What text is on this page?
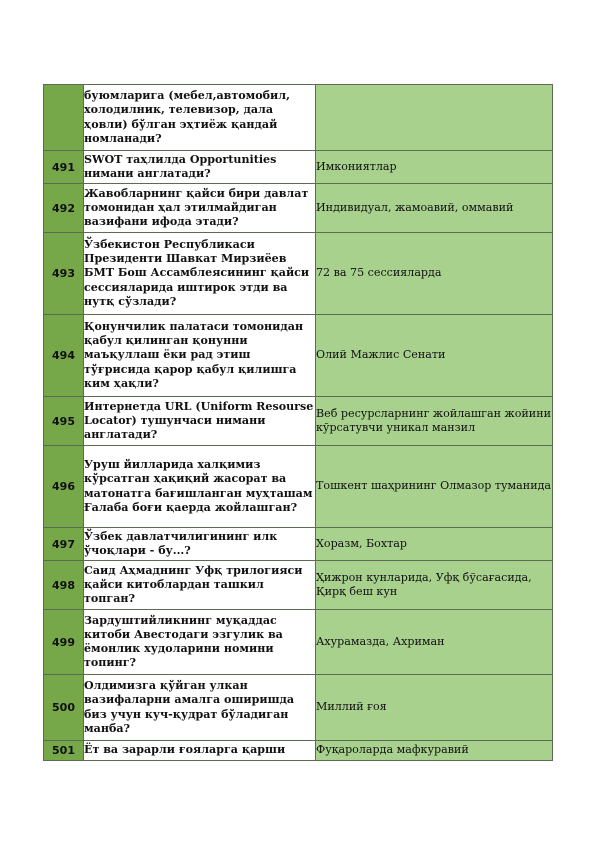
	буюмларига (мебел,автомобил, холодилник, телевизор, дала ҳовли) бўлган эҳтиёж қандай номланади?	
491	SWOT таҳлилда Opportunities нимани англатади?	Имкониятлар
492	Жавобларнинг қайси бири давлат томонидан ҳал этилмайдиган вазифани ифода этади?	Индивидуал, жамоавий, оммавий
493	Ўзбекистон Республикаси Президенти Шавкат Мирзиёев БМТ Бош Ассамблеясининг қайси сессияларида иштирок этди ва нутқ сўзлади?	72 ва 75 сессияларда
494	Қонунчилик палатаси томонидан қабул қилинган қонунни маъқуллаш ёки рад этиш тўғрисида қарор қабул қилишга ким ҳақли?	Олий Мажлис Сенати
495	Интернетда URL (Uniform Resourse Locator) тушунчаси нимани англатади?	Веб ресурсларнинг жойлашган жойини кўрсатувчи уникал манзил
496	Уруш йилларида халқимиз кўрсатган ҳақиқий жасорат ва матонатга бағишланган муҳташам Ғалаба боғи қаерда жойлашган?	Тошкент шаҳрининг Олмазор туманида
497	Ўзбек давлатчилигининг илк ўчоқлари - бу...?	Хоразм, Бохтар
498	Саид Аҳмаднинг Уфқ трилогияси қайси китоблардан ташкил топган?	Ҳижрон кунларида, Уфқ бўсағасида, Қирқ беш кун
499	Зардуштийликнинг муқаддас китоби Авестодаги эзгулик ва ёмонлик худоларини номини топинг?	Ахурамазда, Ахриман
500	Олдимизга қўйган улкан вазифаларни амалга оширишда биз учун куч-қудрат бўладиган манба?	Миллий ғоя
501	Ёт ва зарарли ғояларга қарши	Фуқароларда мафкуравий
